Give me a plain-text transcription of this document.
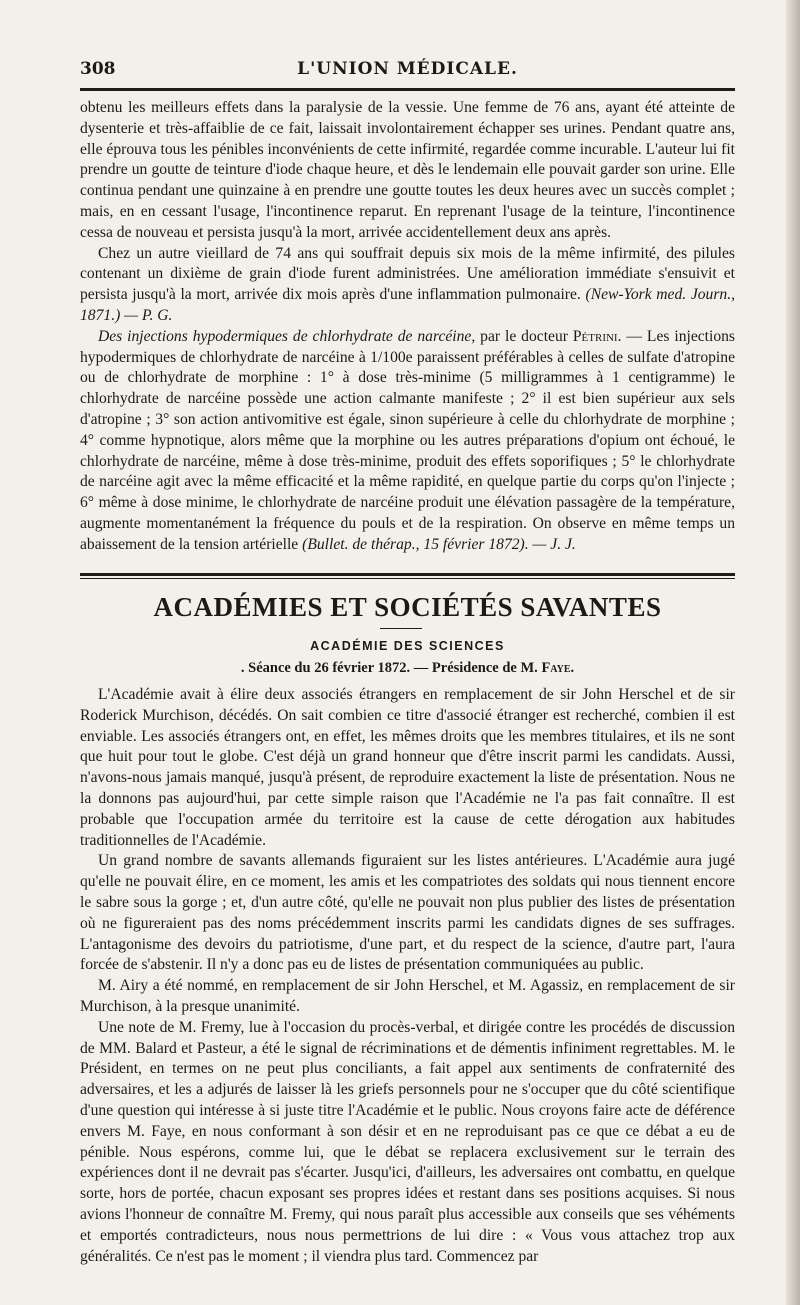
308	L'UNION MÉDICALE.

obtenu les meilleurs effets dans la paralysie de la vessie. Une femme de 76 ans, ayant été atteinte de dysenterie et très-affaiblie de ce fait, laissait involontairement échapper ses urines. Pendant quatre ans, elle éprouva tous les pénibles inconvénients de cette infirmité, regardée comme incurable. L'auteur lui fit prendre un goutte de teinture d'iode chaque heure, et dès le lendemain elle pouvait garder son urine. Elle continua pendant une quinzaine à en prendre une goutte toutes les deux heures avec un succès complet ; mais, en en cessant l'usage, l'incontinence reparut. En reprenant l'usage de la teinture, l'incontinence cessa de nouveau et persista jusqu'à la mort, arrivée accidentellement deux ans après.

Chez un autre vieillard de 74 ans qui souffrait depuis six mois de la même infirmité, des pilules contenant un dixième de grain d'iode furent administrées. Une amélioration immédiate s'ensuivit et persista jusqu'à la mort, arrivée dix mois après d'une inflammation pulmonaire. (New-York med. Journ., 1871.) — P. G.

Des injections hypodermiques de chlorhydrate de narcéine, par le docteur Pétrini. — Les injections hypodermiques de chlorhydrate de narcéine à 1/100e paraissent préférables à celles de sulfate d'atropine ou de chlorhydrate de morphine : 1° à dose très-minime (5 milligrammes à 1 centigramme) le chlorhydrate de narcéine possède une action calmante manifeste ; 2° il est bien supérieur aux sels d'atropine ; 3° son action antivomitive est égale, sinon supérieure à celle du chlorhydrate de morphine ; 4° comme hypnotique, alors même que la morphine ou les autres préparations d'opium ont échoué, le chlorhydrate de narcéine, même à dose très-minime, produit des effets soporifiques ; 5° le chlorhydrate de narcéine agit avec la même efficacité et la même rapidité, en quelque partie du corps qu'on l'injecte ; 6° même à dose minime, le chlorhydrate de narcéine produit une élévation passagère de la température, augmente momentanément la fréquence du pouls et de la respiration. On observe en même temps un abaissement de la tension artérielle (Bullet. de thérap., 15 février 1872). — J. J.

ACADÉMIES ET SOCIÉTÉS SAVANTES
ACADÉMIE DES SCIENCES
. Séance du 26 février 1872. — Présidence de M. Faye.

L'Académie avait à élire deux associés étrangers en remplacement de sir John Herschel et de sir Roderick Murchison, décédés. On sait combien ce titre d'associé étranger est recherché, combien il est enviable. Les associés étrangers ont, en effet, les mêmes droits que les membres titulaires, et ils ne sont que huit pour tout le globe. C'est déjà un grand honneur que d'être inscrit parmi les candidats. Aussi, n'avons-nous jamais manqué, jusqu'à présent, de reproduire exactement la liste de présentation. Nous ne la donnons pas aujourd'hui, par cette simple raison que l'Académie ne l'a pas fait connaître. Il est probable que l'occupation armée du territoire est la cause de cette dérogation aux habitudes traditionnelles de l'Académie.

Un grand nombre de savants allemands figuraient sur les listes antérieures. L'Académie aura jugé qu'elle ne pouvait élire, en ce moment, les amis et les compatriotes des soldats qui nous tiennent encore le sabre sous la gorge ; et, d'un autre côté, qu'elle ne pouvait non plus publier des listes de présentation où ne figureraient pas des noms précédemment inscrits parmi les candidats dignes de ses suffrages. L'antagonisme des devoirs du patriotisme, d'une part, et du respect de la science, d'autre part, l'aura forcée de s'abstenir. Il n'y a donc pas eu de listes de présentation communiquées au public.

M. Airy a été nommé, en remplacement de sir John Herschel, et M. Agassiz, en remplacement de sir Murchison, à la presque unanimité.

Une note de M. Fremy, lue à l'occasion du procès-verbal, et dirigée contre les procédés de discussion de MM. Balard et Pasteur, a été le signal de récriminations et de démentis infiniment regrettables. M. le Président, en termes on ne peut plus conciliants, a fait appel aux sentiments de confraternité des adversaires, et les a adjurés de laisser là les griefs personnels pour ne s'occuper que du côté scientifique d'une question qui intéresse à si juste titre l'Académie et le public. Nous croyons faire acte de déférence envers M. Faye, en nous conformant à son désir et en ne reproduisant pas ce que ce débat a eu de pénible. Nous espérons, comme lui, que le débat se replacera exclusivement sur le terrain des expériences dont il ne devrait pas s'écarter. Jusqu'ici, d'ailleurs, les adversaires ont combattu, en quelque sorte, hors de portée, chacun exposant ses propres idées et restant dans ses positions acquises. Si nous avions l'honneur de connaître M. Fremy, qui nous paraît plus accessible aux conseils que ses véhéments et emportés contradicteurs, nous nous permettrions de lui dire : « Vous vous attachez trop aux généralités. Ce n'est pas le moment ; il viendra plus tard. Commencez par
